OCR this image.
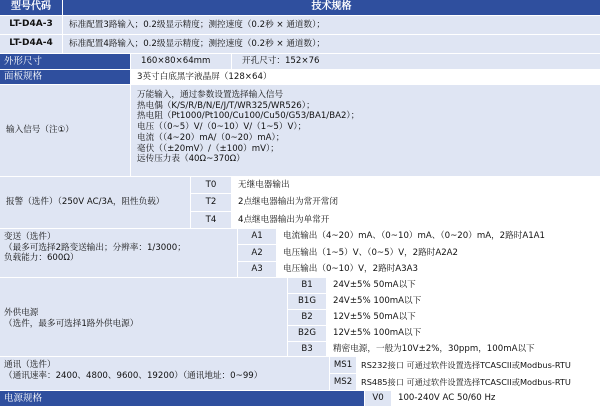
型号代码	技术规格
LT-D4A-3	标准配置3路输入；0.2级显示精度；测控速度（0.2秒 × 通道数）；
LT-D4A-4	标准配置4路输入；0.2级显示精度；测控速度（0.2秒 × 通道数）；
外形尺寸	160×80×64mm	开孔尺寸：152×76
面板规格	3英寸白底黑字液晶屏（128×64）
输入信号（注①）
万能输入，通过参数设置选择输入信号
热电偶（K/S/R/B/N/E/J/T/WR325/WR526）；
热电阻（Pt1000/Pt100/Cu100/Cu50/G53/BA1/BA2）；
电压（（0~5）V/（0~10）V/（1~5）V）；
电流（（4~20）mA/（0~20）mA）；
毫伏（（±20mV）/（±100）mV）；
远传压力表（40Ω~370Ω）
报警（选件）（250V AC/3A，阻性负载）
T0	无继电器输出
T2	2点继电器输出为常开常闭
T4	4点继电器输出为单常开
变送（选件）
（最多可选择2路变送输出；分辨率：1/3000；
负载能力：600Ω）
A1	电流输出（4~20）mA、（0~10）mA、（0~20）mA，2路时A1A1
A2	电压输出（1~5）V、（0~5）V，2路时A2A2
A3	电压输出（0~10）V，2路时A3A3
外供电源
（选件，最多可选择1路外供电源）
B1	24V±5% 50mA以下
B1G	24V±5% 100mA以下
B2	12V±5% 50mA以下
B2G	12V±5% 100mA以下
B3	精密电源，一般为10V±2%，30ppm，100mA以下
通讯（选件）
（通讯速率：2400、4800、9600、19200）（通讯地址：0~99）
MS1	RS232接口 可通过软件设置选择TCASCII或Modbus-RTU
MS2	RS485接口 可通过软件设置选择TCASCII或Modbus-RTU
电源规格	V0	100-240V AC 50/60 Hz
